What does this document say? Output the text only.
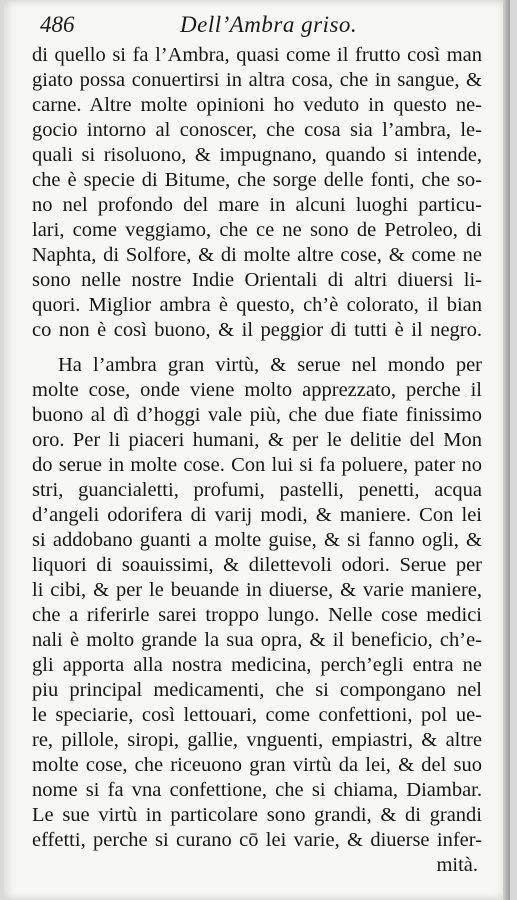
486	Dell’Ambra griso.
di quello si fa l’Ambra, quasi come il frutto così man
giato possa conuertirsi in altra cosa, che in sangue, &
carne. Altre molte opinioni ho veduto in questo ne-
gocio intorno al conoscer, che cosa sia l’ambra, le-
quali si risoluono, & impugnano, quando si intende,
che è specie di Bitume, che sorge delle fonti, che so-
no nel profondo del mare in alcuni luoghi particu-
lari, come veggiamo, che ce ne sono de Petroleo, di
Naphta, di Solfore, & di molte altre cose, & come ne
sono nelle nostre Indie Orientali di altri diuersi li-
quori. Miglior ambra è questo, ch’è colorato, il bian
co non è così buono, & il peggior di tutti è il negro.
Ha l’ambra gran virtù, & serue nel mondo per
molte cose, onde viene molto apprezzato, perche il
buono al dì d’hoggi vale più, che due fiate finissimo
oro. Per li piaceri humani, & per le delitie del Mon
do serue in molte cose. Con lui si fa poluere, pater no
stri, guancialetti, profumi, pastelli, penetti, acqua
d’angeli odorifera di varij modi, & maniere. Con lei
si addobano guanti a molte guise, & si fanno ogli, &
liquori di soauissimi, & dilettevoli odori. Serue per
li cibi, & per le beuande in diuerse, & varie maniere,
che a riferirle sarei troppo lungo. Nelle cose medici
nali è molto grande la sua opra, & il beneficio, ch’e-
gli apporta alla nostra medicina, perch’egli entra ne
piu principal medicamenti, che si compongano nel
le speciarie, così lettouari, come confettioni, pol ue-
re, pillole, siropi, gallie, vnguenti, empiastri, & altre
molte cose, che riceuono gran virtù da lei, & del suo
nome si fa vna confettione, che si chiama, Diambar.
Le sue virtù in particolare sono grandi, & di grandi
effetti, perche si curano cō lei varie, & diuerse infer-
mità.
